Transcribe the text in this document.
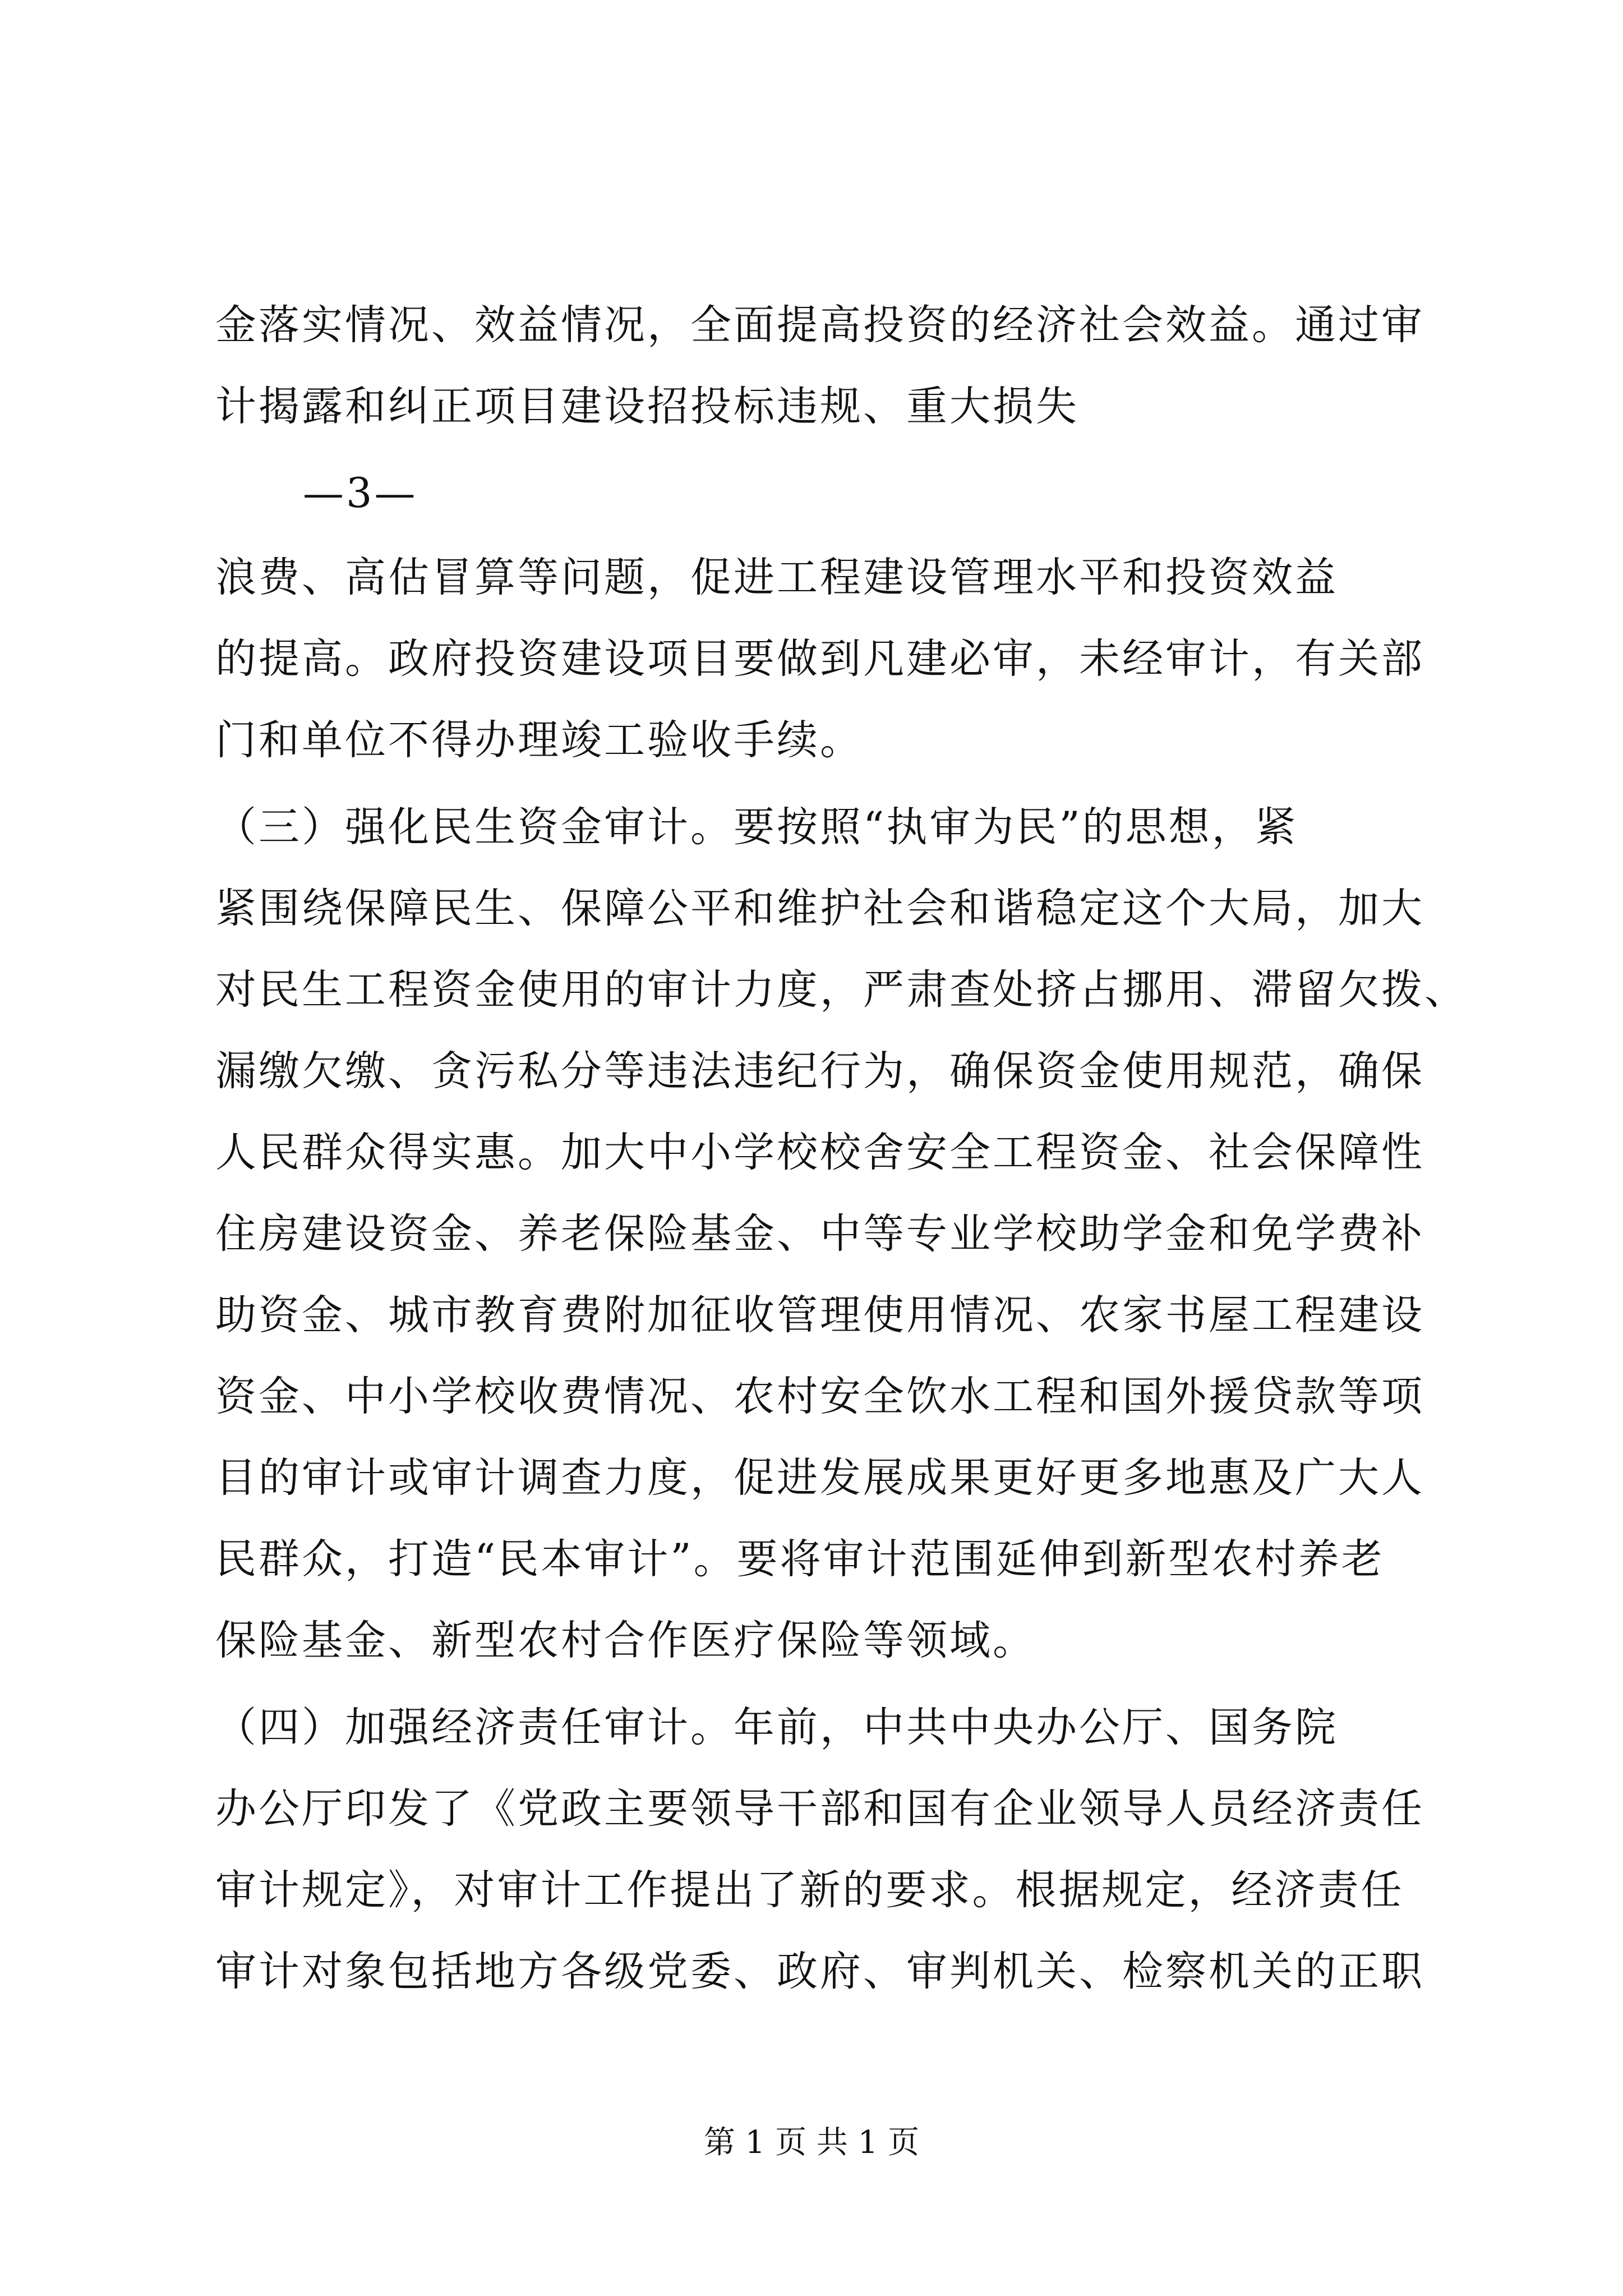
金落实情况、效益情况，全面提高投资的经济社会效益。通过审
计揭露和纠正项目建设招投标违规、重大损失
—3—
浪费、高估冒算等问题，促进工程建设管理水平和投资效益
的提高。政府投资建设项目要做到凡建必审，未经审计，有关部
门和单位不得办理竣工验收手续。
（三）强化民生资金审计。要按照“执审为民”的思想，紧
紧围绕保障民生、保障公平和维护社会和谐稳定这个大局，加大
对民生工程资金使用的审计力度，严肃查处挤占挪用、滞留欠拨、
漏缴欠缴、贪污私分等违法违纪行为，确保资金使用规范，确保
人民群众得实惠。加大中小学校校舍安全工程资金、社会保障性
住房建设资金、养老保险基金、中等专业学校助学金和免学费补
助资金、城市教育费附加征收管理使用情况、农家书屋工程建设
资金、中小学校收费情况、农村安全饮水工程和国外援贷款等项
目的审计或审计调查力度，促进发展成果更好更多地惠及广大人
民群众，打造“民本审计”。要将审计范围延伸到新型农村养老
保险基金、新型农村合作医疗保险等领域。
（四）加强经济责任审计。年前，中共中央办公厅、国务院
办公厅印发了《党政主要领导干部和国有企业领导人员经济责任
审计规定》，对审计工作提出了新的要求。根据规定，经济责任
审计对象包括地方各级党委、政府、审判机关、检察机关的正职
第 1 页 共 1 页
